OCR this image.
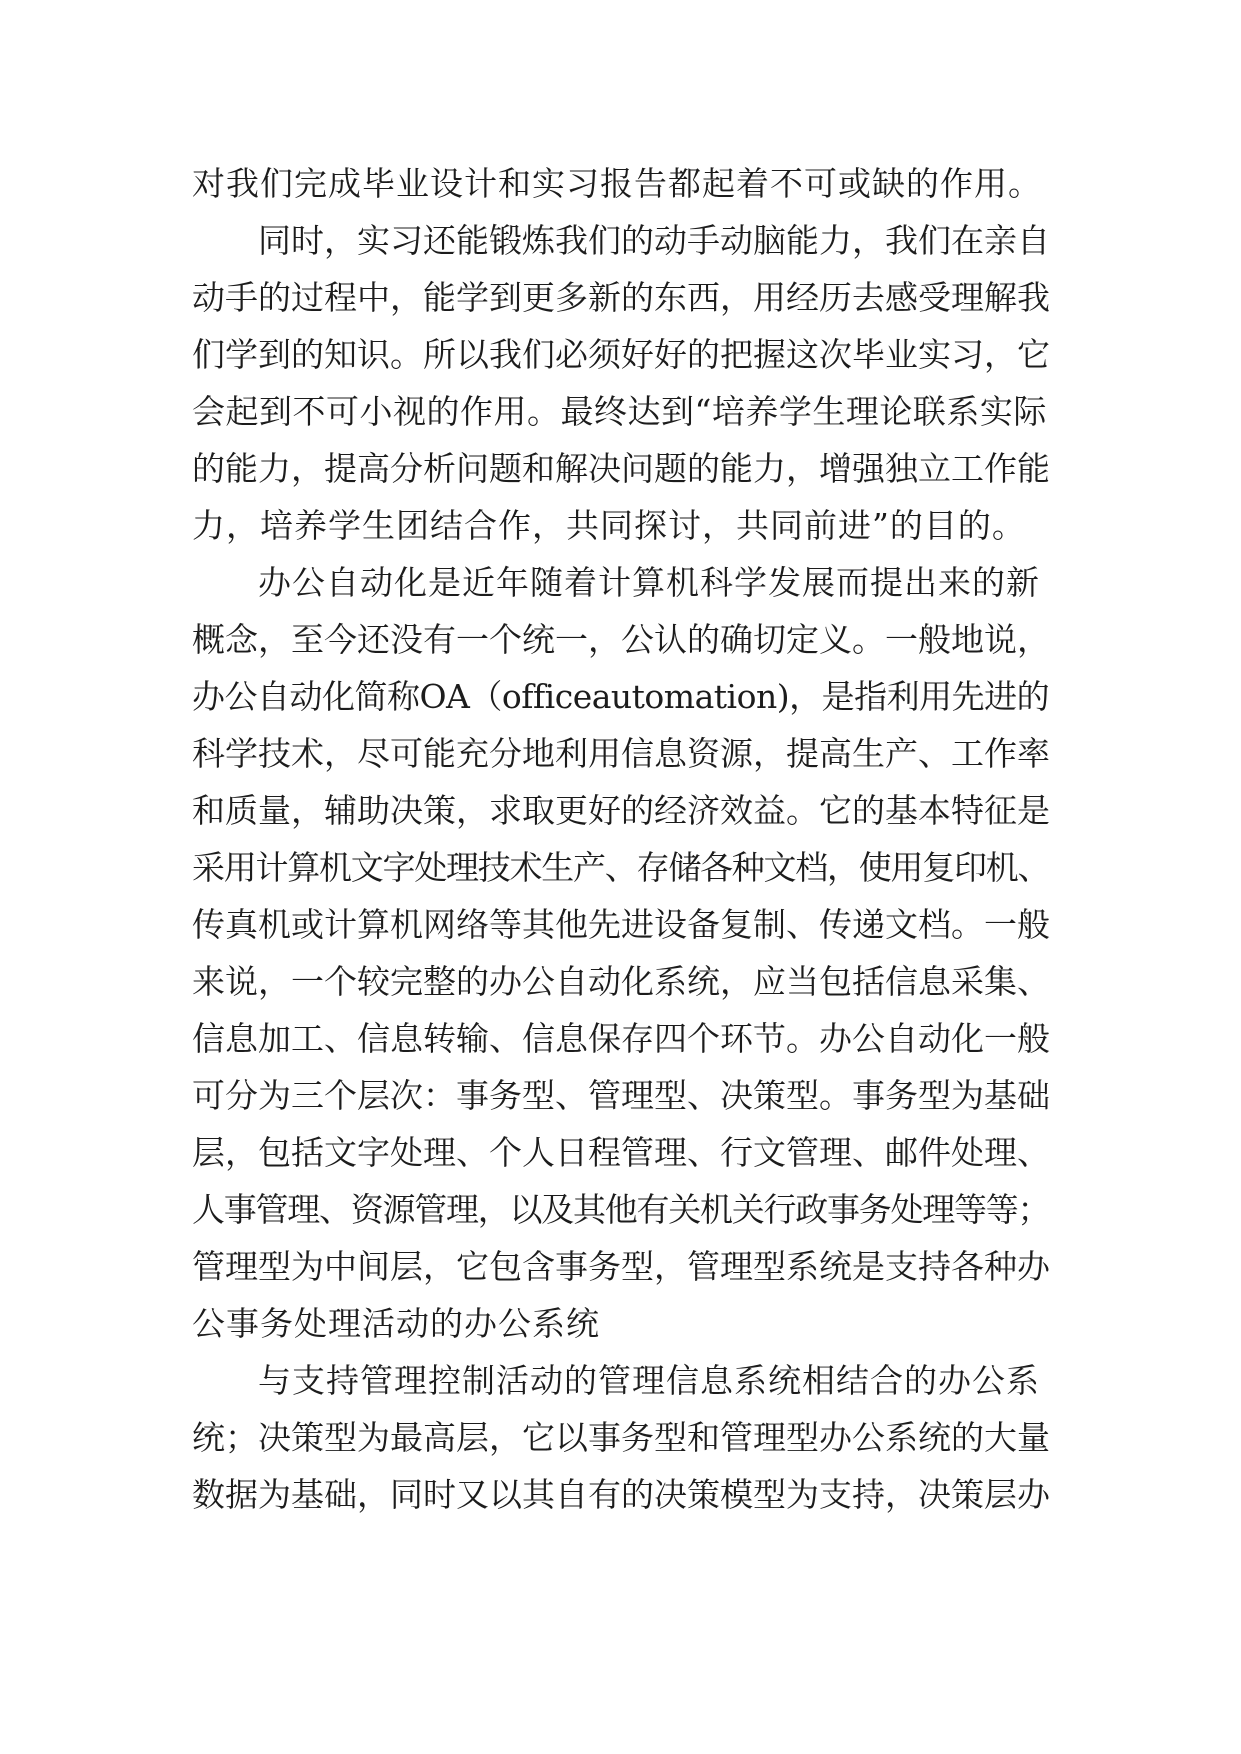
对我们完成毕业设计和实习报告都起着不可或缺的作用。
同时，实习还能锻炼我们的动手动脑能力，我们在亲自
动手的过程中，能学到更多新的东西，用经历去感受理解我
们学到的知识。所以我们必须好好的把握这次毕业实习，它
会起到不可小视的作用。最终达到“培养学生理论联系实际
的能力，提高分析问题和解决问题的能力，增强独立工作能
力，培养学生团结合作，共同探讨，共同前进”的目的。
办公自动化是近年随着计算机科学发展而提出来的新
概念，至今还没有一个统一，公认的确切定义。一般地说，
办公自动化简称OA（officeautomation)，是指利用先进的
科学技术，尽可能充分地利用信息资源，提高生产、工作率
和质量，辅助决策，求取更好的经济效益。它的基本特征是
采用计算机文字处理技术生产、存储各种文档，使用复印机、
传真机或计算机网络等其他先进设备复制、传递文档。一般
来说，一个较完整的办公自动化系统，应当包括信息采集、
信息加工、信息转输、信息保存四个环节。办公自动化一般
可分为三个层次：事务型、管理型、决策型。事务型为基础
层，包括文字处理、个人日程管理、行文管理、邮件处理、
人事管理、资源管理，以及其他有关机关行政事务处理等等；
管理型为中间层，它包含事务型，管理型系统是支持各种办
公事务处理活动的办公系统
与支持管理控制活动的管理信息系统相结合的办公系
统；决策型为最高层，它以事务型和管理型办公系统的大量
数据为基础，同时又以其自有的决策模型为支持，决策层办
